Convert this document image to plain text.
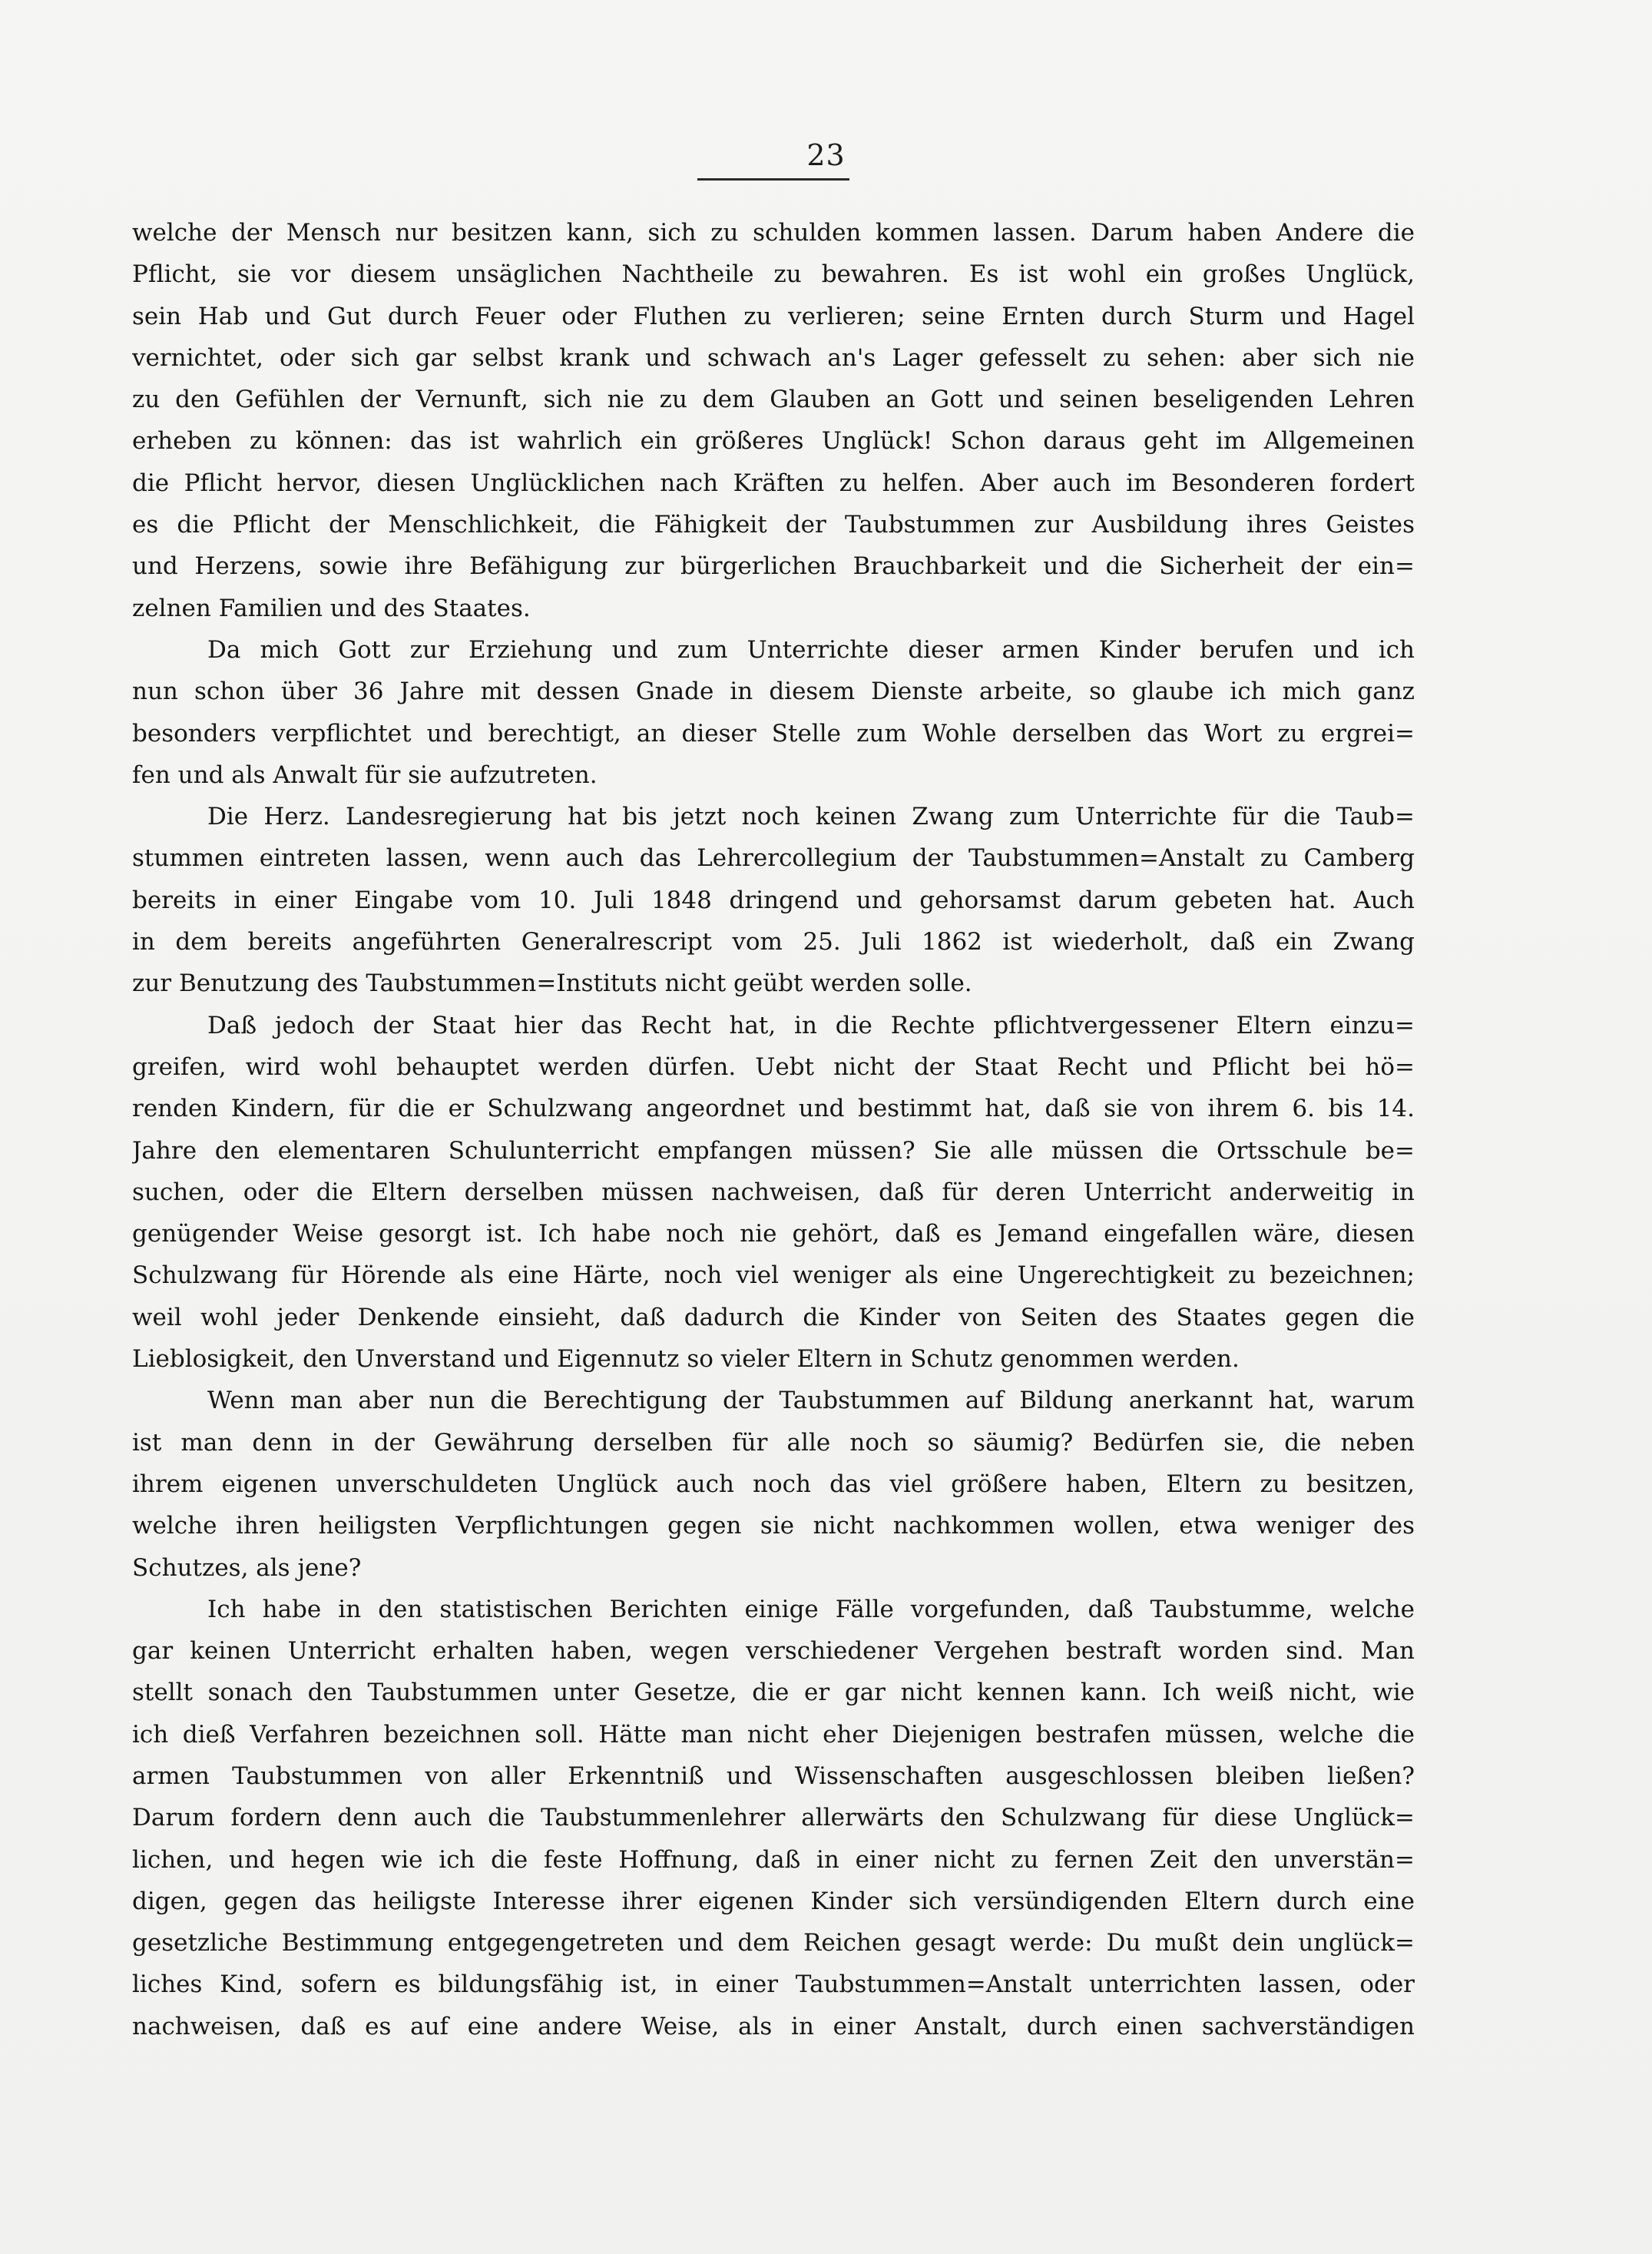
23
welche der Mensch nur besitzen kann, sich zu schulden kommen lassen. Darum haben Andere die
Pflicht, sie vor diesem unsäglichen Nachtheile zu bewahren. Es ist wohl ein großes Unglück,
sein Hab und Gut durch Feuer oder Fluthen zu verlieren; seine Ernten durch Sturm und Hagel
vernichtet, oder sich gar selbst krank und schwach an's Lager gefesselt zu sehen: aber sich nie
zu den Gefühlen der Vernunft, sich nie zu dem Glauben an Gott und seinen beseligenden Lehren
erheben zu können: das ist wahrlich ein größeres Unglück! Schon daraus geht im Allgemeinen
die Pflicht hervor, diesen Unglücklichen nach Kräften zu helfen. Aber auch im Besonderen fordert
es die Pflicht der Menschlichkeit, die Fähigkeit der Taubstummen zur Ausbildung ihres Geistes
und Herzens, sowie ihre Befähigung zur bürgerlichen Brauchbarkeit und die Sicherheit der ein=
zelnen Familien und des Staates.
Da mich Gott zur Erziehung und zum Unterrichte dieser armen Kinder berufen und ich
nun schon über 36 Jahre mit dessen Gnade in diesem Dienste arbeite, so glaube ich mich ganz
besonders verpflichtet und berechtigt, an dieser Stelle zum Wohle derselben das Wort zu ergrei=
fen und als Anwalt für sie aufzutreten.
Die Herz. Landesregierung hat bis jetzt noch keinen Zwang zum Unterrichte für die Taub=
stummen eintreten lassen, wenn auch das Lehrercollegium der Taubstummen=Anstalt zu Camberg
bereits in einer Eingabe vom 10. Juli 1848 dringend und gehorsamst darum gebeten hat. Auch
in dem bereits angeführten Generalrescript vom 25. Juli 1862 ist wiederholt, daß ein Zwang
zur Benutzung des Taubstummen=Instituts nicht geübt werden solle.
Daß jedoch der Staat hier das Recht hat, in die Rechte pflichtvergessener Eltern einzu=
greifen, wird wohl behauptet werden dürfen. Uebt nicht der Staat Recht und Pflicht bei hö=
renden Kindern, für die er Schulzwang angeordnet und bestimmt hat, daß sie von ihrem 6. bis 14.
Jahre den elementaren Schulunterricht empfangen müssen? Sie alle müssen die Ortsschule be=
suchen, oder die Eltern derselben müssen nachweisen, daß für deren Unterricht anderweitig in
genügender Weise gesorgt ist. Ich habe noch nie gehört, daß es Jemand eingefallen wäre, diesen
Schulzwang für Hörende als eine Härte, noch viel weniger als eine Ungerechtigkeit zu bezeichnen;
weil wohl jeder Denkende einsieht, daß dadurch die Kinder von Seiten des Staates gegen die
Lieblosigkeit, den Unverstand und Eigennutz so vieler Eltern in Schutz genommen werden.
Wenn man aber nun die Berechtigung der Taubstummen auf Bildung anerkannt hat, warum
ist man denn in der Gewährung derselben für alle noch so säumig? Bedürfen sie, die neben
ihrem eigenen unverschuldeten Unglück auch noch das viel größere haben, Eltern zu besitzen,
welche ihren heiligsten Verpflichtungen gegen sie nicht nachkommen wollen, etwa weniger des
Schutzes, als jene?
Ich habe in den statistischen Berichten einige Fälle vorgefunden, daß Taubstumme, welche
gar keinen Unterricht erhalten haben, wegen verschiedener Vergehen bestraft worden sind. Man
stellt sonach den Taubstummen unter Gesetze, die er gar nicht kennen kann. Ich weiß nicht, wie
ich dieß Verfahren bezeichnen soll. Hätte man nicht eher Diejenigen bestrafen müssen, welche die
armen Taubstummen von aller Erkenntniß und Wissenschaften ausgeschlossen bleiben ließen?
Darum fordern denn auch die Taubstummenlehrer allerwärts den Schulzwang für diese Unglück=
lichen, und hegen wie ich die feste Hoffnung, daß in einer nicht zu fernen Zeit den unverstän=
digen, gegen das heiligste Interesse ihrer eigenen Kinder sich versündigenden Eltern durch eine
gesetzliche Bestimmung entgegengetreten und dem Reichen gesagt werde: Du mußt dein unglück=
liches Kind, sofern es bildungsfähig ist, in einer Taubstummen=Anstalt unterrichten lassen, oder
nachweisen, daß es auf eine andere Weise, als in einer Anstalt, durch einen sachverständigen
